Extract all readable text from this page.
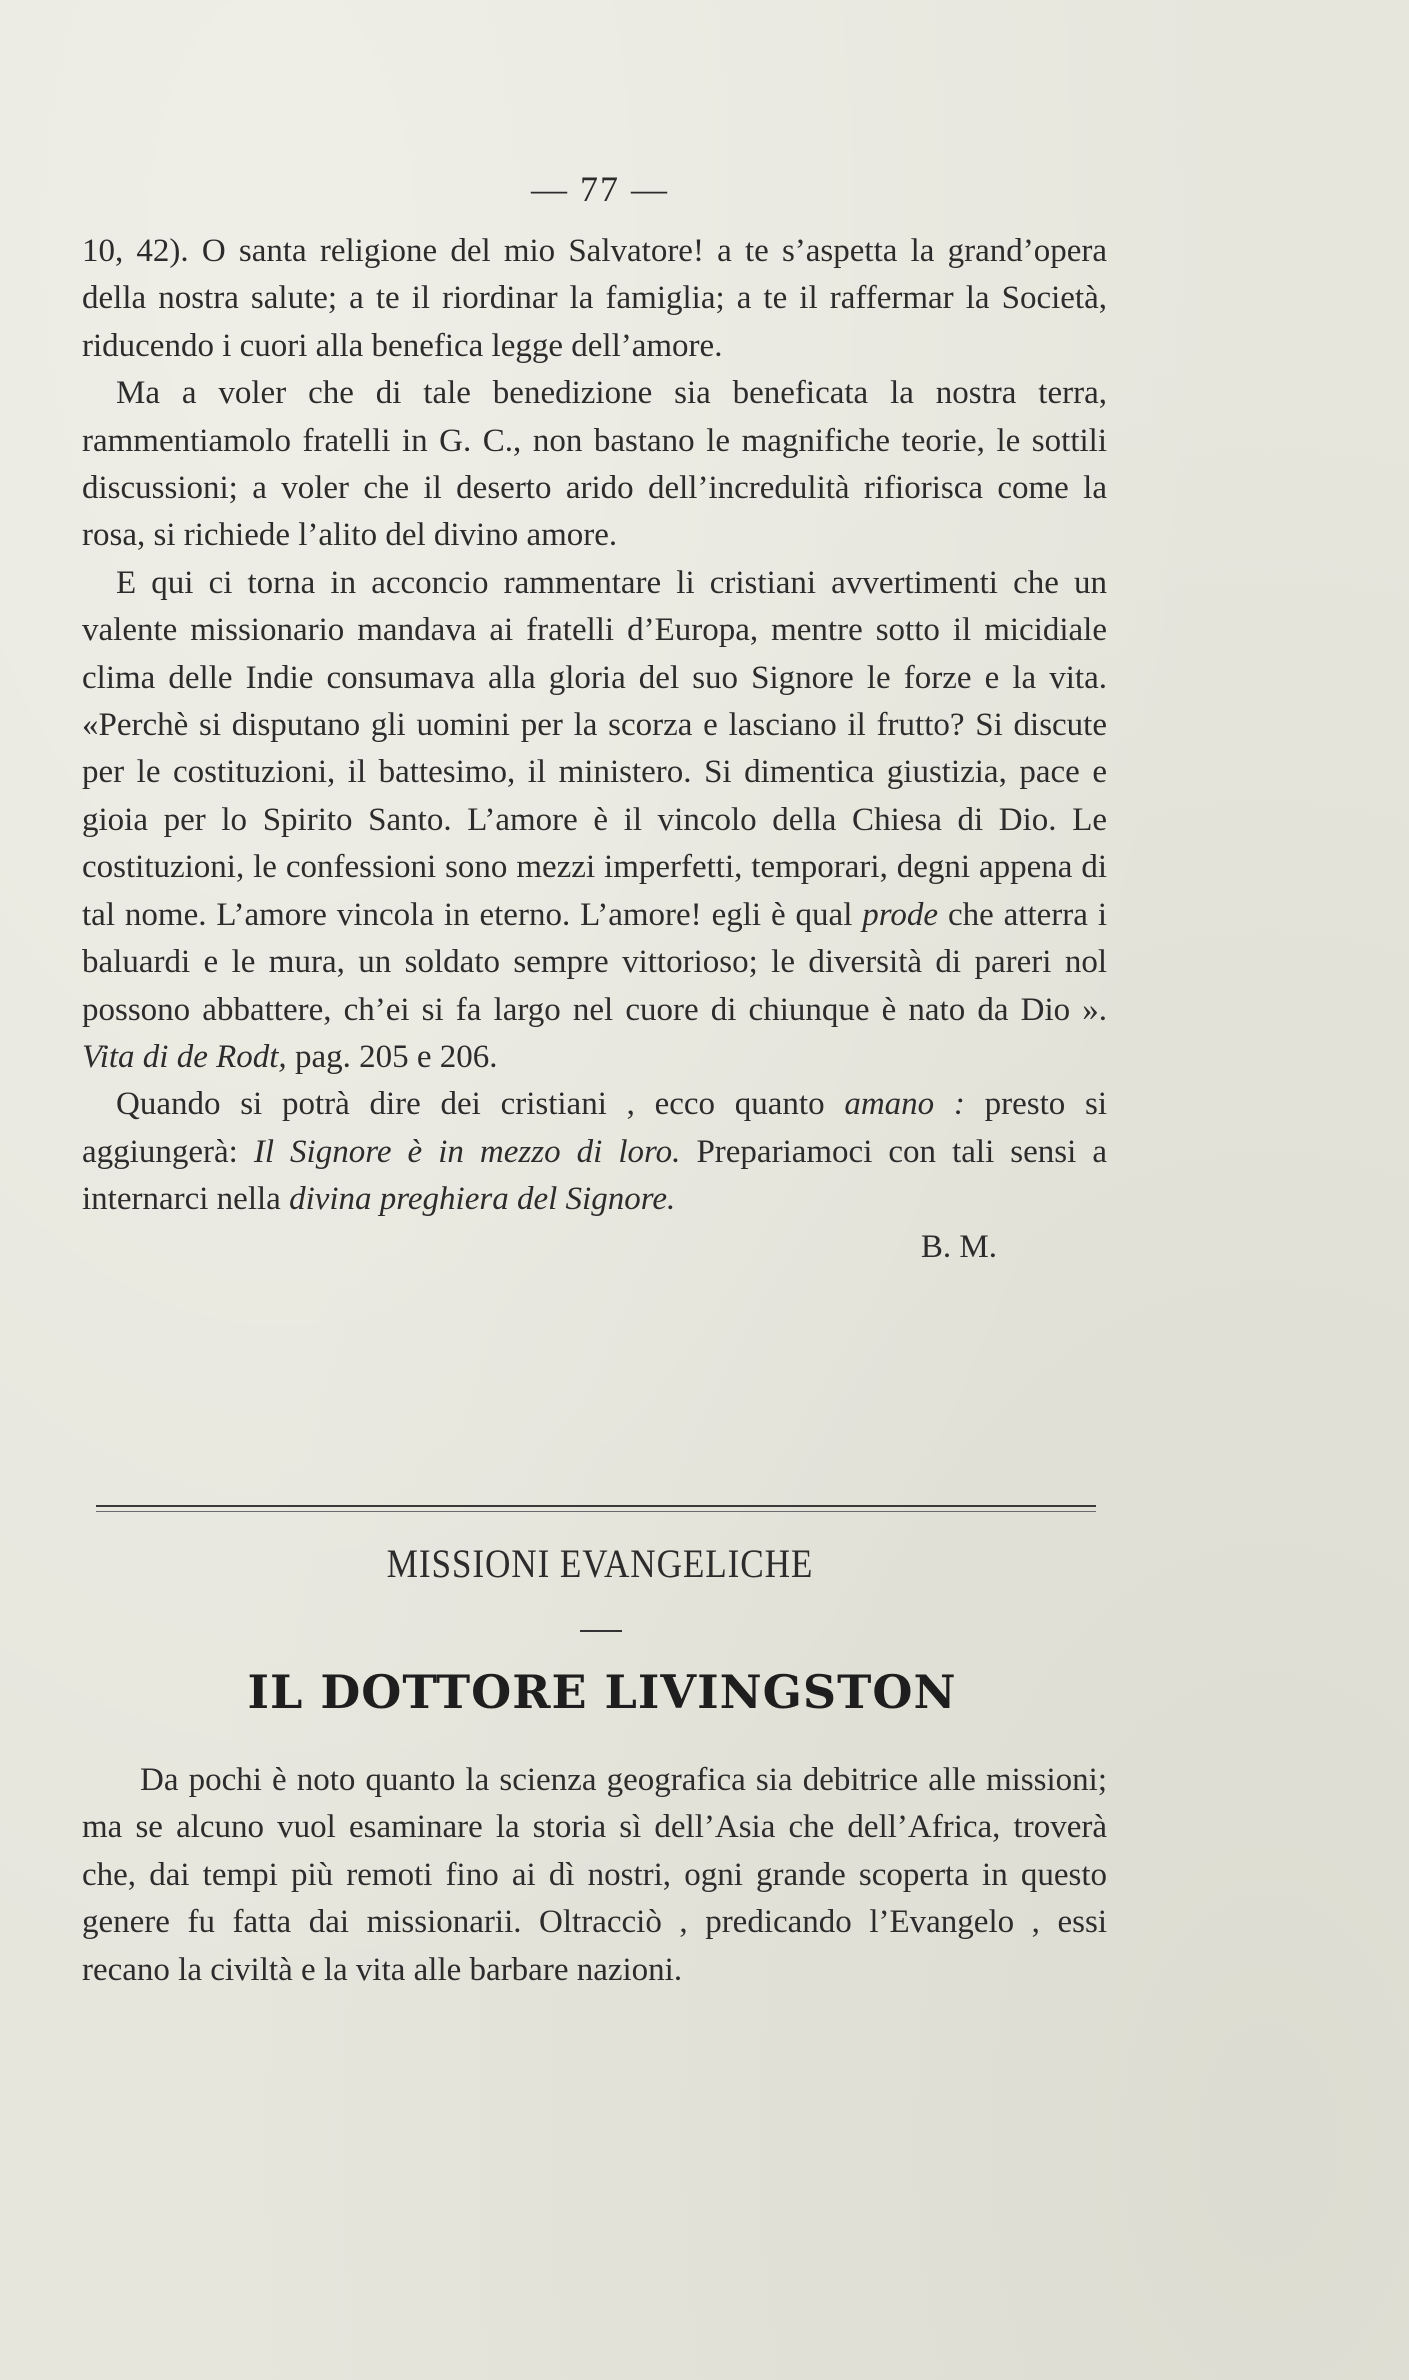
— 77 —

10, 42). O santa religione del mio Salvatore! a te s’aspetta la grand’opera della nostra salute; a te il riordinar la famiglia; a te il raffermar la Società, riducendo i cuori alla benefica legge dell’amore.

Ma a voler che di tale benedizione sia beneficata la nostra terra, rammentiamolo fratelli in G. C., non bastano le magnifiche teorie, le sottili discussioni; a voler che il deserto arido dell’incredulità rifiorisca come la rosa, si richiede l’alito del divino amore.

E qui ci torna in acconcio rammentare li cristiani avvertimenti che un valente missionario mandava ai fratelli d’Europa, mentre sotto il micidiale clima delle Indie consumava alla gloria del suo Signore le forze e la vita. «Perchè si disputano gli uomini per la scorza e lasciano il frutto? Si discute per le costituzioni, il battesimo, il ministero. Si dimentica giustizia, pace e gioia per lo Spirito Santo. L’amore è il vincolo della Chiesa di Dio. Le costituzioni, le confessioni sono mezzi imperfetti, temporari, degni appena di tal nome. L’amore vincola in eterno. L’amore! egli è qual prode che atterra i baluardi e le mura, un soldato sempre vittorioso; le diversità di pareri nol possono abbattere, ch’ei si fa largo nel cuore di chiunque è nato da Dio ». Vita di de Rodt, pag. 205 e 206.

Quando si potrà dire dei cristiani , ecco quanto amano : presto si aggiungerà: Il Signore è in mezzo di loro. Prepariamoci con tali sensi a internarci nella divina preghiera del Signore.

B. M.
MISSIONI EVANGELICHE
IL DOTTORE LIVINGSTON

Da pochi è noto quanto la scienza geografica sia debitrice alle missioni; ma se alcuno vuol esaminare la storia sì dell’Asia che dell’Africa, troverà che, dai tempi più remoti fino ai dì nostri, ogni grande scoperta in questo genere fu fatta dai missionarii. Oltracciò , predicando l’Evangelo , essi recano la civiltà e la vita alle barbare nazioni.
